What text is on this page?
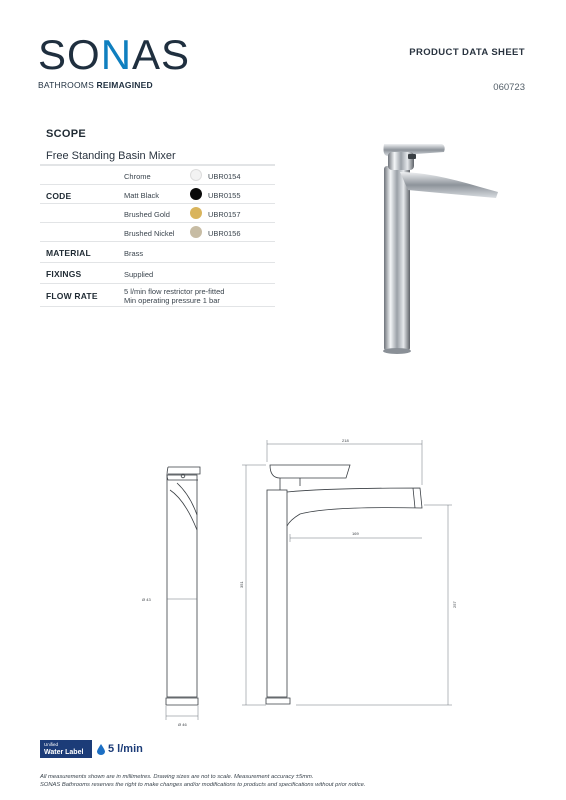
SONAS
BATHROOMS REIMAGINED
PRODUCT DATA SHEET
060723
SCOPE
Free Standing Basin Mixer
CODE
Chrome	UBR0154
Matt Black	UBR0155
Brushed Gold	UBR0157
Brushed Nickel	UBR0156
MATERIAL	Brass
FIXINGS	Supplied
FLOW RATE	5 l/min flow restrictor pre-fitted
Min operating pressure 1 bar
218
169
351
257
Ø 43
Ø 46
Unified
Water Label	5 l/min
All measurements shown are in millimetres. Drawing sizes are not to scale. Measurement accuracy ±5mm.
SONAS Bathrooms reserves the right to make changes and/or modifications to products and specifications without prior notice.
